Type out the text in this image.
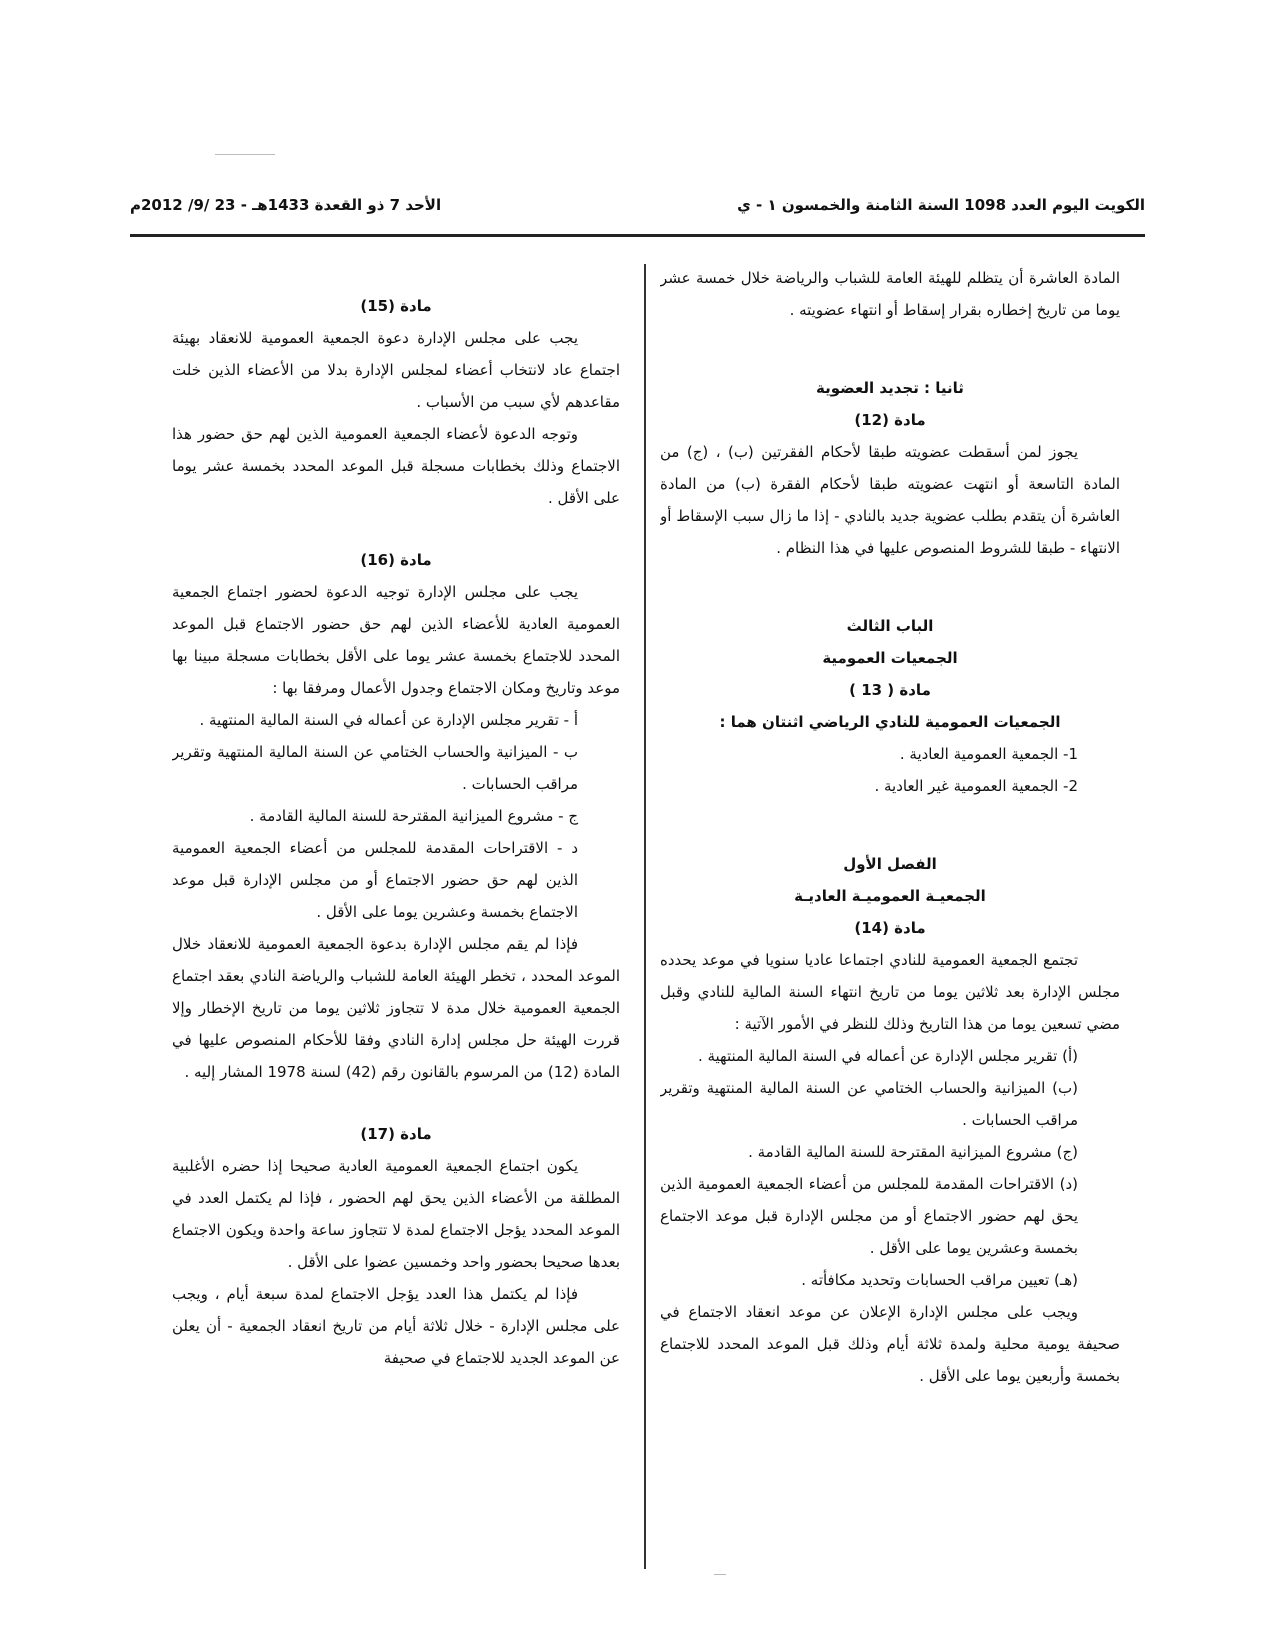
الكويت اليوم العدد 1098 السنة الثامنة والخمسون ١ - ي
الأحد 7 ذو القعدة 1433هـ - 23 /9/ 2012م

المادة العاشرة أن يتظلم للهيئة العامة للشباب والرياضة خلال خمسة عشر يوما من تاريخ إخطاره بقرار إسقاط أو انتهاء عضويته .

ثانيا : تجديد العضوية

مادة (12)

يجوز لمن أسقطت عضويته طبقا لأحكام الفقرتين (ب) ، (ج) من المادة التاسعة أو انتهت عضويته طبقا لأحكام الفقرة (ب) من المادة العاشرة أن يتقدم بطلب عضوية جديد بالنادي - إذا ما زال سبب الإسقاط أو الانتهاء - طبقا للشروط المنصوص عليها في هذا النظام .

الباب الثالث

الجمعيات العمومية

مادة ( 13 )

الجمعيات العمومية للنادي الرياضي اثنتان هما :

1- الجمعية العمومية العادية .

2- الجمعية العمومية غير العادية .

الفصل الأول

الجمعيـة العموميـة العاديـة

مادة (14)

تجتمع الجمعية العمومية للنادي اجتماعا عاديا سنويا في موعد يحدده مجلس الإدارة بعد ثلاثين يوما من تاريخ انتهاء السنة المالية للنادي وقبل مضي تسعين يوما من هذا التاريخ وذلك للنظر في الأمور الآتية :

(أ) تقرير مجلس الإدارة عن أعماله في السنة المالية المنتهية .

(ب) الميزانية والحساب الختامي عن السنة المالية المنتهية وتقرير مراقب الحسابات .

(ج) مشروع الميزانية المقترحة للسنة المالية القادمة .

(د) الاقتراحات المقدمة للمجلس من أعضاء الجمعية العمومية الذين يحق لهم حضور الاجتماع أو من مجلس الإدارة قبل موعد الاجتماع بخمسة وعشرين يوما على الأقل .

(هـ) تعيين مراقب الحسابات وتحديد مكافأته .

ويجب على مجلس الإدارة الإعلان عن موعد انعقاد الاجتماع في صحيفة يومية محلية ولمدة ثلاثة أيام وذلك قبل الموعد المحدد للاجتماع بخمسة وأربعين يوما على الأقل .

مادة (15)

يجب على مجلس الإدارة دعوة الجمعية العمومية للانعقاد بهيئة اجتماع عاد لانتخاب أعضاء لمجلس الإدارة بدلا من الأعضاء الذين خلت مقاعدهم لأي سبب من الأسباب .

وتوجه الدعوة لأعضاء الجمعية العمومية الذين لهم حق حضور هذا الاجتماع وذلك بخطابات مسجلة قبل الموعد المحدد بخمسة عشر يوما على الأقل .

مادة (16)

يجب على مجلس الإدارة توجيه الدعوة لحضور اجتماع الجمعية العمومية العادية للأعضاء الذين لهم حق حضور الاجتماع قبل الموعد المحدد للاجتماع بخمسة عشر يوما على الأقل بخطابات مسجلة مبينا بها موعد وتاريخ ومكان الاجتماع وجدول الأعمال ومرفقا بها :

أ - تقرير مجلس الإدارة عن أعماله في السنة المالية المنتهية .

ب - الميزانية والحساب الختامي عن السنة المالية المنتهية وتقرير مراقب الحسابات .

ج - مشروع الميزانية المقترحة للسنة المالية القادمة .

د - الاقتراحات المقدمة للمجلس من أعضاء الجمعية العمومية الذين لهم حق حضور الاجتماع أو من مجلس الإدارة قبل موعد الاجتماع بخمسة وعشرين يوما على الأقل .

فإذا لم يقم مجلس الإدارة بدعوة الجمعية العمومية للانعقاد خلال الموعد المحدد ، تخطر الهيئة العامة للشباب والرياضة النادي بعقد اجتماع الجمعية العمومية خلال مدة لا تتجاوز ثلاثين يوما من تاريخ الإخطار وإلا قررت الهيئة حل مجلس إدارة النادي وفقا للأحكام المنصوص عليها في المادة (12) من المرسوم بالقانون رقم (42) لسنة 1978 المشار إليه .

مادة (17)

يكون اجتماع الجمعية العمومية العادية صحيحا إذا حضره الأغلبية المطلقة من الأعضاء الذين يحق لهم الحضور ، فإذا لم يكتمل العدد في الموعد المحدد يؤجل الاجتماع لمدة لا تتجاوز ساعة واحدة ويكون الاجتماع بعدها صحيحا بحضور واحد وخمسين عضوا على الأقل .

فإذا لم يكتمل هذا العدد يؤجل الاجتماع لمدة سبعة أيام ، ويجب على مجلس الإدارة - خلال ثلاثة أيام من تاريخ انعقاد الجمعية - أن يعلن عن الموعد الجديد للاجتماع في صحيفة
